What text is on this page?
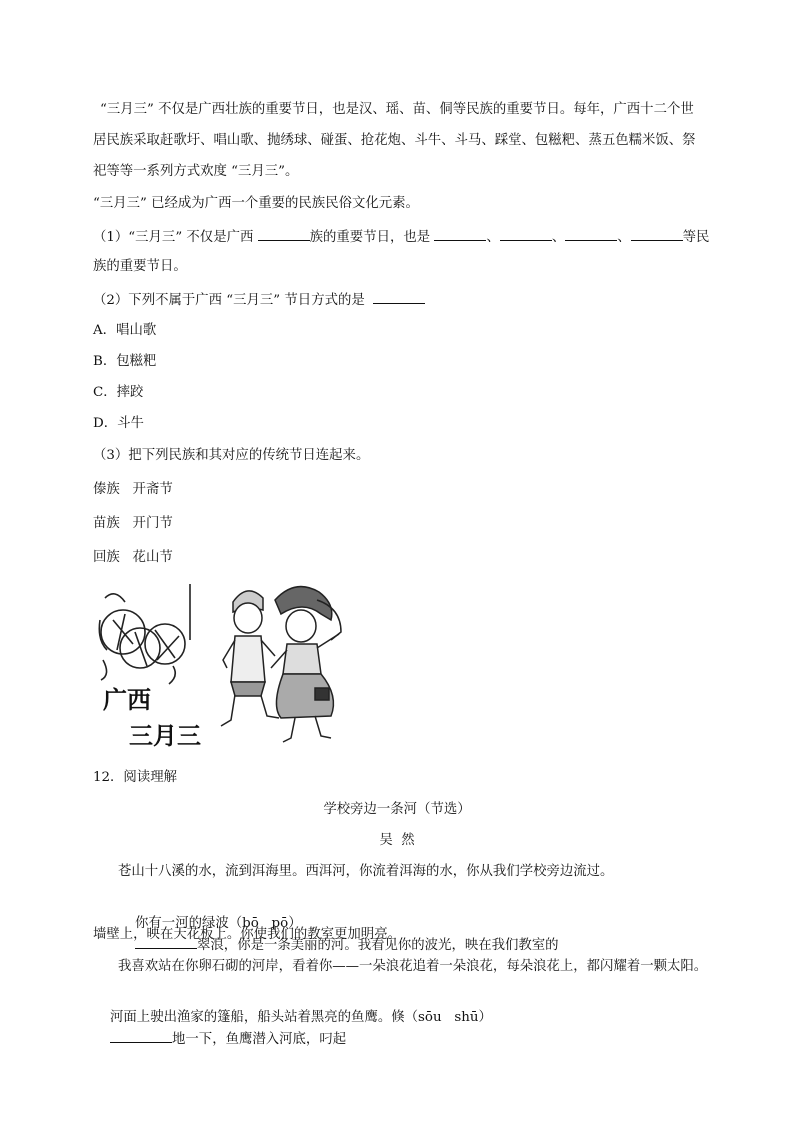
“三月三” 不仅是广西壮族的重要节日，也是汉、瑶、苗、侗等民族的重要节日。每年，广西十二个世
居民族采取赶歌圩、唱山歌、抛绣球、碰蛋、抢花炮、斗牛、斗马、踩堂、包糍粑、蒸五色糯米饭、祭
祀等等一系列方式欢度 “三月三”。
“三月三” 已经成为广西一个重要的民族民俗文化元素。
（1）“三月三” 不仅是广西	族的重要节日，也是	、	、	、	等民
族的重要节日。
（2）下列不属于广西 “三月三” 节日方式的是
A．唱山歌
B．包糍粑
C．摔跤
D．斗牛
（3）把下列民族和其对应的传统节日连起来。
傣族   开斋节
苗族   开门节
回族   花山节
广西
三月三
12．阅读理解
学校旁边一条河（节选）
吴  然
苍山十八溪的水，流到洱海里。西洱河，你流着洱海的水，你从我们学校旁边流过。

你有一河的绿波（bō   pō）
翠浪，你是一条美丽的河。我看见你的波光，映在我们教室的

墙壁上，映在天花板上。你使我们的教室更加明亮。
我喜欢站在你卵石砌的河岸，看着你——一朵浪花追着一朵浪花，每朵浪花上，都闪耀着一颗太阳。

河面上驶出渔家的篷船，船头站着黑亮的鱼鹰。倏（sōu   shū）
地一下，鱼鹰潜入河底，叼起
